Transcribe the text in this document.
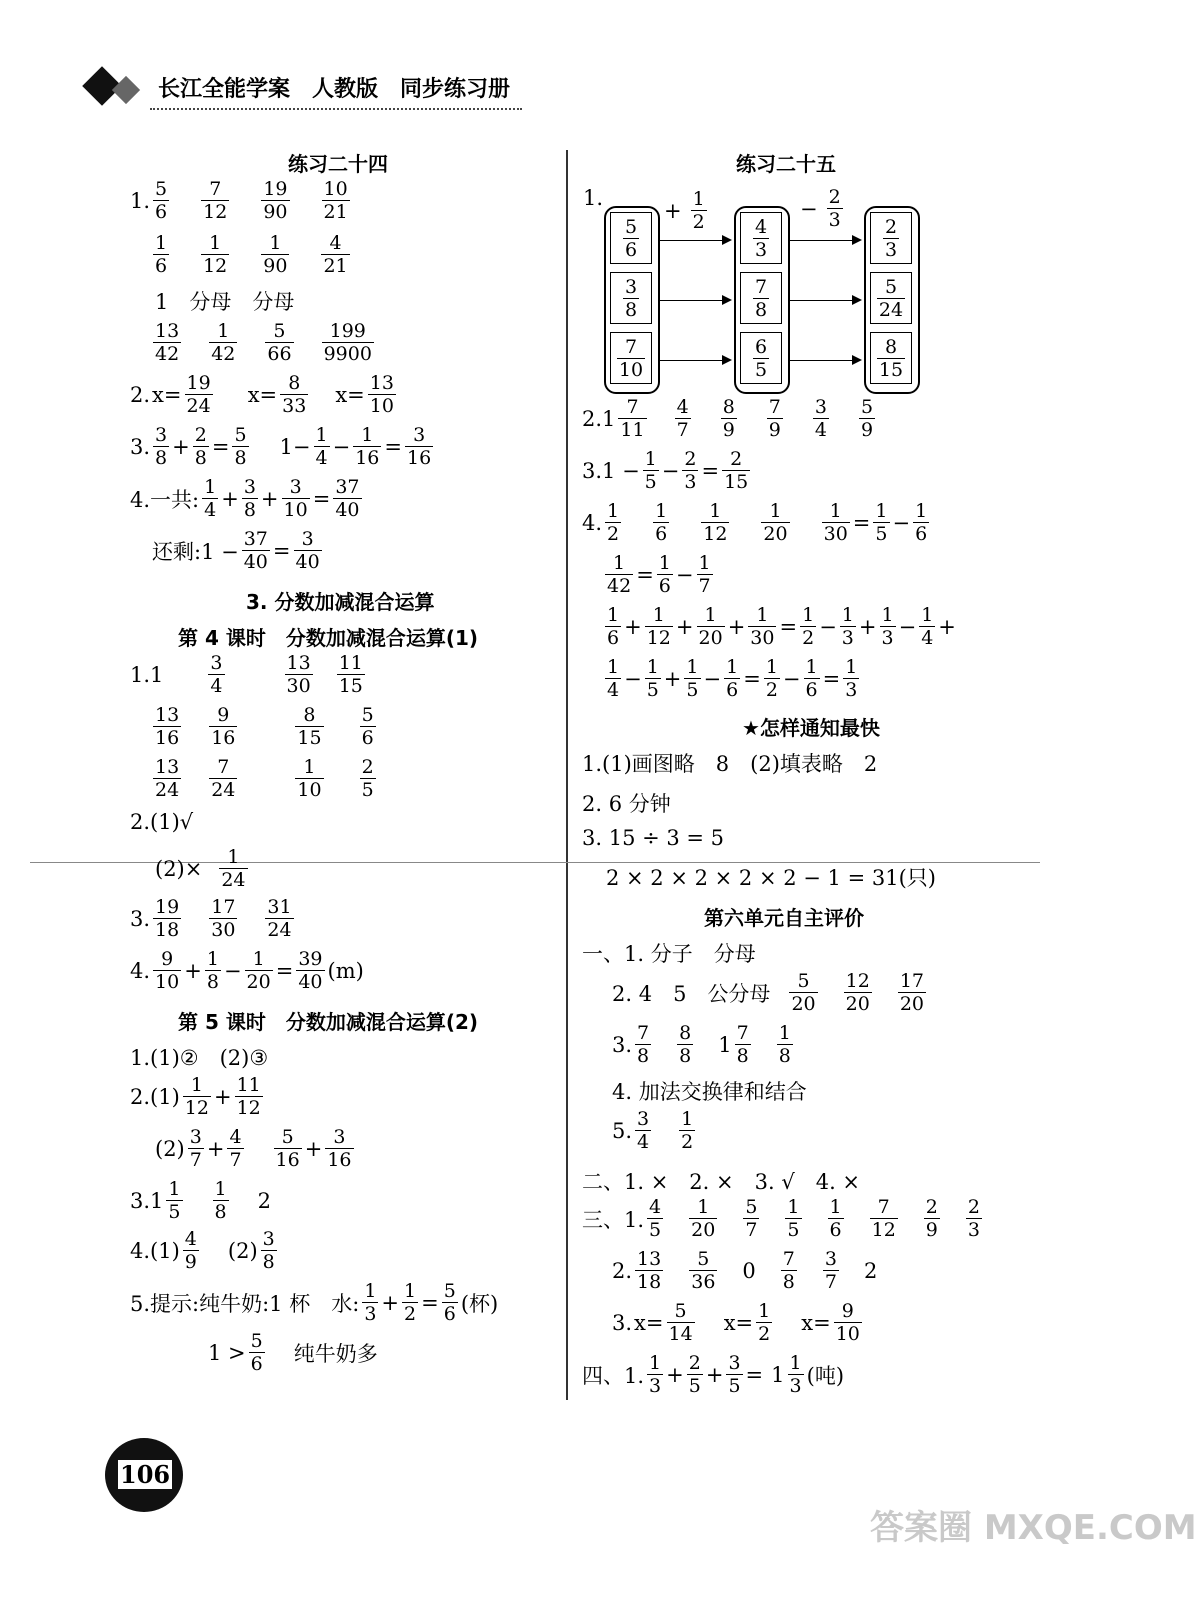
长江全能学案　人教版　同步练习册
练习二十四
1. 5
6
7
12
19
90
10
21
1
6
1
12
1
90
4
21
1　分母　分母
13
42
1
42
5
66
199
9900
2. $x= \frac{19}{24} x= \frac{8}{33} x= \frac{13}{10}$
3. 3
$8 + \frac{2}{8} = \frac{5}{8} 1- \frac{1}{4} - \frac{1}{16} = \frac{3}{16}$
4.一共:
1
$4 + \frac{3}{8} + \frac{3}{10} = \frac{37}{40}$
还剩:1 − $\frac{37}{40} = \frac{3}{40}$
3. 分数加减混合运算
第 4 课时　分数加减混合运算(1)
1.1 3
4
13
30
11
15
13
16
9
16
8
15
5
6
13
24
7
24
1
10
2
5
2.(1)√
(2)× 1
24
3. 19
18
17
30
31
24
4. 9
$10 + \frac{1}{8} - \frac{1}{20} = \frac{39}{40} (m)$
第 5 课时　分数加减混合运算(2)
1.(1)②　(2)③
2.(1) 1
$12 + \frac{11}{12}$
(2) 3
$7 + \frac{4}{7} 5$
$16 + \frac{3}{16}$
3.1 1
5
1
8 2
4.(1) 4
9 (2) 3
8
5.提示:纯牛奶:1 杯　水:
1
$3 + \frac{1}{2} = \frac{5}{6}$ (杯)
1 > 5
6 纯牛奶多
练习二十五
1.
2.1 7
11
4
7
8
9
7
9
3
4
5
9
$3.1 - \frac{1}{5} - \frac{2}{3} = \frac{2}{15}$
4. 1
2
1
6
1
12
1
$20 \frac{1}{30} = \frac{1}{5} - \frac{1}{6}$
$\frac{1}{42} = \frac{1}{6} - \frac{1}{7}$
1
$6 + \frac{1}{12} + \frac{1}{20} + \frac{1}{30} = \frac{1}{2} - \frac{1}{3} + \frac{1}{3} - \frac{1}{4}$ +
1
$4 - \frac{1}{5} + \frac{1}{5} - \frac{1}{6} = \frac{1}{2} - \frac{1}{6} = \frac{1}{3}$
★怎样通知最快
1.(1)画图略　8　(2)填表略　2
2. 6 分钟
3. 15 ÷ 3 = 5
2 × 2 × 2 × 2 × 2 − 1 = 31(只)
第六单元自主评价
一、1. 分子　分母
2. 4　5　公分母
5
20
12
20
17
20
3. 7
8
8
8 1 7
8
1
8
4. 加法交换律和结合
5. 3
4
1
2
二、1. ×　2. ×　3. √　4. ×
三、1.
4
5
1
20
5
7
1
5
1
6
7
12
2
9
2
3
2. 13
18
5
36 0 7
8
3
7 2
3. $x= \frac{5}{14} x= \frac{1}{2} x= \frac{9}{10}$
四、1.
1
$3 + \frac{2}{5} + \frac{3}{5} = 1$ 1
3 (吨)
5
6
3
8
7
10
4
3
7
8
6
5
2
3
5
24
8
15
+ 1
2
− 2
3
106
答案圈 MXQE.COM
